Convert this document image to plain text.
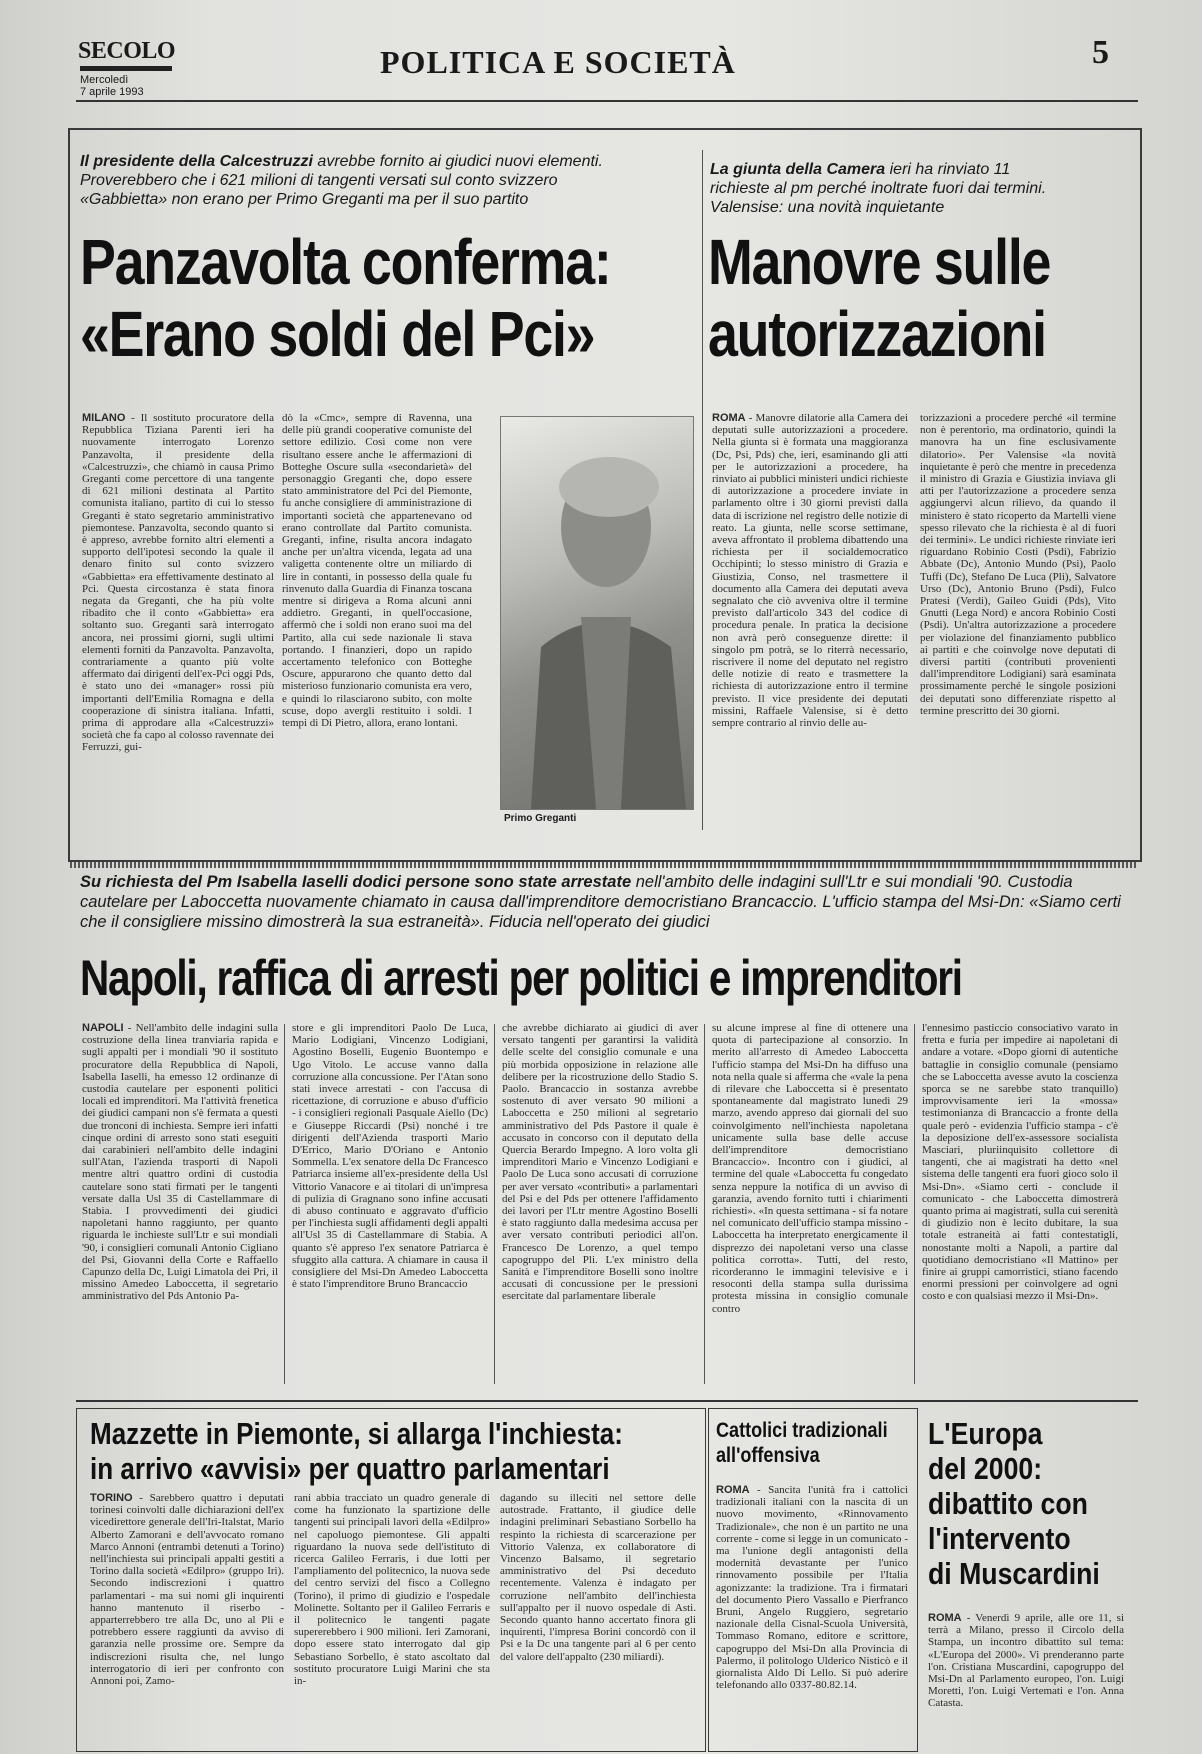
SECOLO
Mercoledì
7 aprile 1993
POLITICA E SOCIETÀ	5
Il presidente della Calcestruzzi avrebbe fornito ai giudici nuovi elementi. Proverebbero che i 621 milioni di tangenti versati sul conto svizzero «Gabbietta» non erano per Primo Greganti ma per il suo partito
Panzavolta conferma:
«Erano soldi del Pci»
MILANO - Il sostituto procuratore della Repubblica Tiziana Parenti ieri ha nuovamente interrogato Lorenzo Panzavolta, il presidente della «Calcestruzzi», che chiamò in causa Primo Greganti come percettore di una tangente di 621 milioni destinata al Partito comunista italiano, partito di cui lo stesso Greganti è stato segretario amministrativo piemontese. Panzavolta, secondo quanto si è appreso, avrebbe fornito altri elementi a supporto dell'ipotesi secondo la quale il denaro finito sul conto svizzero «Gabbietta» era effettivamente destinato al Pci. Questa circostanza è stata finora negata da Greganti, che ha più volte ribadito che il conto «Gabbietta» era soltanto suo. Greganti sarà interrogato ancora, nei prossimi giorni, sugli ultimi elementi forniti da Panzavolta. Panzavolta, contrariamente a quanto più volte affermato dai dirigenti dell'ex-Pci oggi Pds, è stato uno dei «manager» rossi più importanti dell'Emilia Romagna e della cooperazione di sinistra italiana. Infatti, prima di approdare alla «Calcestruzzi» società che fa capo al colosso ravennate dei Ferruzzi, gui-
dò la «Cmc», sempre di Ravenna, una delle più grandi cooperative comuniste del settore edilizio. Così come non vere risultano essere anche le affermazioni di Botteghe Oscure sulla «secondarietà» del personaggio Greganti che, dopo essere stato amministratore del Pci del Piemonte, fu anche consigliere di amministrazione di importanti società che appartenevano od erano controllate dal Partito comunista. Greganti, infine, risulta ancora indagato anche per un'altra vicenda, legata ad una valigetta contenente oltre un miliardo di lire in contanti, in possesso della quale fu rinvenuto dalla Guardia di Finanza toscana mentre si dirigeva a Roma alcuni anni addietro. Greganti, in quell'occasione, affermò che i soldi non erano suoi ma del Partito, alla cui sede nazionale li stava portando. I finanzieri, dopo un rapido accertamento telefonico con Botteghe Oscure, appurarono che quanto detto dal misterioso funzionario comunista era vero, e quindi lo rilasciarono subito, con molte scuse, dopo avergli restituito i soldi. I tempi di Di Pietro, allora, erano lontani.
Primo Greganti
La giunta della Camera ieri ha rinviato 11 richieste al pm perché inoltrate fuori dai termini. Valensise: una novità inquietante
Manovre sulle
autorizzazioni
ROMA - Manovre dilatorie alla Camera dei deputati sulle autorizzazioni a procedere. Nella giunta si è formata una maggioranza (Dc, Psi, Pds) che, ieri, esaminando gli atti per le autorizzazioni a procedere, ha rinviato ai pubblici ministeri undici richieste di autorizzazione a procedere inviate in parlamento oltre i 30 giorni previsti dalla data di iscrizione nel registro delle notizie di reato. La giunta, nelle scorse settimane, aveva affrontato il problema dibattendo una richiesta per il socialdemocratico Occhipinti; lo stesso ministro di Grazia e Giustizia, Conso, nel trasmettere il documento alla Camera dei deputati aveva segnalato che ciò avveniva oltre il termine previsto dall'articolo 343 del codice di procedura penale. In pratica la decisione non avrà però conseguenze dirette: il singolo pm potrà, se lo riterrà necessario, riscrivere il nome del deputato nel registro delle notizie di reato e trasmettere la richiesta di autorizzazione entro il termine previsto. Il vice presidente dei deputati missini, Raffaele Valensise, si è detto sempre contrario al rinvio delle au-
torizzazioni a procedere perché «il termine non è perentorio, ma ordinatorio, quindi la manovra ha un fine esclusivamente dilatorio». Per Valensise «la novità inquietante è però che mentre in precedenza il ministro di Grazia e Giustizia inviava gli atti per l'autorizzazione a procedere senza aggiungervi alcun rilievo, da quando il ministero è stato ricoperto da Martelli viene spesso rilevato che la richiesta è al di fuori dei termini». Le undici richieste rinviate ieri riguardano Robinio Costi (Psdi), Fabrizio Abbate (Dc), Antonio Mundo (Psi), Paolo Tuffi (Dc), Stefano De Luca (Pli), Salvatore Urso (Dc), Antonio Bruno (Psdi), Fulco Pratesi (Verdi), Gaileo Guidi (Pds), Vito Gnutti (Lega Nord) e ancora Robinio Costi (Psdi). Un'altra autorizzazione a procedere per violazione del finanziamento pubblico ai partiti e che coinvolge nove deputati di diversi partiti (contributi provenienti dall'imprenditore Lodigiani) sarà esaminata prossimamente perché le singole posizioni dei deputati sono differenziate rispetto al termine prescritto dei 30 giorni.
Su richiesta del Pm Isabella Iaselli dodici persone sono state arrestate nell'ambito delle indagini sull'Ltr e sui mondiali '90. Custodia cautelare per Laboccetta nuovamente chiamato in causa dall'imprenditore democristiano Brancaccio. L'ufficio stampa del Msi-Dn: «Siamo certi che il consigliere missino dimostrerà la sua estraneità». Fiducia nell'operato dei giudici
Napoli, raffica di arresti per politici e imprenditori
NAPOLI - Nell'ambito delle indagini sulla costruzione della linea tranviaria rapida e sugli appalti per i mondiali '90 il sostituto procuratore della Repubblica di Napoli, Isabella Iaselli, ha emesso 12 ordinanze di custodia cautelare per esponenti politici locali ed imprenditori. Ma l'attività frenetica dei giudici campani non s'è fermata a questi due tronconi di inchiesta. Sempre ieri infatti cinque ordini di arresto sono stati eseguiti dai carabinieri nell'ambito delle indagini sull'Atan, l'azienda trasporti di Napoli mentre altri quattro ordini di custodia cautelare sono stati firmati per le tangenti versate dalla Usl 35 di Castellammare di Stabia. I provvedimenti dei giudici napoletani hanno raggiunto, per quanto riguarda le inchieste sull'Ltr e sui mondiali '90, i consiglieri comunali Antonio Cigliano del Psi, Giovanni della Corte e Raffaello Capunzo della Dc, Luigi Limatola dei Pri, il missino Amedeo Laboccetta, il segretario amministrativo del Pds Antonio Pa-
store e gli imprenditori Paolo De Luca, Mario Lodigiani, Vincenzo Lodigiani, Agostino Boselli, Eugenio Buontempo e Ugo Vitolo. Le accuse vanno dalla corruzione alla concussione. Per l'Atan sono stati invece arrestati - con l'accusa di ricettazione, di corruzione e abuso d'ufficio - i consiglieri regionali Pasquale Aiello (Dc) e Giuseppe Riccardi (Psi) nonché i tre dirigenti dell'Azienda trasporti Mario D'Errico, Mario D'Oriano e Antonio Sommella. L'ex senatore della Dc Francesco Patriarca insieme all'ex-presidente della Usl Vittorio Vanacore e ai titolari di un'impresa di pulizia di Gragnano sono infine accusati di abuso continuato e aggravato d'ufficio per l'inchiesta sugli affidamenti degli appalti all'Usl 35 di Castellammare di Stabia. A quanto s'è appreso l'ex senatore Patriarca è sfuggito alla cattura. A chiamare in causa il consigliere del Msi-Dn Amedeo Laboccetta è stato l'imprenditore Bruno Brancaccio
che avrebbe dichiarato ai giudici di aver versato tangenti per garantirsi la validità delle scelte del consiglio comunale e una più morbida opposizione in relazione alle delibere per la ricostruzione dello Stadio S. Paolo. Brancaccio in sostanza avrebbe sostenuto di aver versato 90 milioni a Laboccetta e 250 milioni al segretario amministrativo del Pds Pastore il quale è accusato in concorso con il deputato della Quercia Berardo Impegno. A loro volta gli imprenditori Mario e Vincenzo Lodigiani e Paolo De Luca sono accusati di corruzione per aver versato «contributi» a parlamentari del Psi e del Pds per ottenere l'affidamento dei lavori per l'Ltr mentre Agostino Boselli è stato raggiunto dalla medesima accusa per aver versato contributi periodici all'on. Francesco De Lorenzo, a quel tempo capogruppo del Pli. L'ex ministro della Sanità e l'imprenditore Boselli sono inoltre accusati di concussione per le pressioni esercitate dal parlamentare liberale
su alcune imprese al fine di ottenere una quota di partecipazione al consorzio. In merito all'arresto di Amedeo Laboccetta l'ufficio stampa del Msi-Dn ha diffuso una nota nella quale si afferma che «vale la pena di rilevare che Laboccetta si è presentato spontaneamente dal magistrato lunedì 29 marzo, avendo appreso dai giornali del suo coinvolgimento nell'inchiesta napoletana unicamente sulla base delle accuse dell'imprenditore democristiano Brancaccio». Incontro con i giudici, al termine del quale «Laboccetta fu congedato senza neppure la notifica di un avviso di garanzia, avendo fornito tutti i chiarimenti richiesti». «In questa settimana - si fa notare nel comunicato dell'ufficio stampa missino - Laboccetta ha interpretato energicamente il disprezzo dei napoletani verso una classe politica corrotta». Tutti, del resto, ricorderanno le immagini televisive e i resoconti della stampa sulla durissima protesta missina in consiglio comunale contro
l'ennesimo pasticcio consociativo varato in fretta e furia per impedire ai napoletani di andare a votare. «Dopo giorni di autentiche battaglie in consiglio comunale (pensiamo che se Laboccetta avesse avuto la coscienza sporca se ne sarebbe stato tranquillo) improvvisamente ieri la «mossa» testimonianza di Brancaccio a fronte della quale però - evidenzia l'ufficio stampa - c'è la deposizione dell'ex-assessore socialista Masciari, pluriinquisito collettore di tangenti, che ai magistrati ha detto «nel sistema delle tangenti era fuori gioco solo il Msi-Dn». «Siamo certi - conclude il comunicato - che Laboccetta dimostrerà quanto prima ai magistrati, sulla cui serenità di giudizio non è lecito dubitare, la sua totale estraneità ai fatti contestatigli, nonostante molti a Napoli, a partire dal quotidiano democristiano «Il Mattino» per finire ai gruppi camorristici, stiano facendo enormi pressioni per coinvolgere ad ogni costo e con qualsiasi mezzo il Msi-Dn».
Mazzette in Piemonte, si allarga l'inchiesta:
in arrivo «avvisi» per quattro parlamentari
TORINO - Sarebbero quattro i deputati torinesi coinvolti dalle dichiarazioni dell'ex vicedirettore generale dell'Iri-Italstat, Mario Alberto Zamorani e dell'avvocato romano Marco Annoni (entrambi detenuti a Torino) nell'inchiesta sui principali appalti gestiti a Torino dalla società «Edilpro» (gruppo Iri). Secondo indiscrezioni i quattro parlamentari - ma sui nomi gli inquirenti hanno mantenuto il riserbo - apparterrebbero tre alla Dc, uno al Pli e potrebbero essere raggiunti da avviso di garanzia nelle prossime ore. Sempre da indiscrezioni risulta che, nel lungo interrogatorio di ieri per confronto con Annoni poi, Zamo-
rani abbia tracciato un quadro generale di come ha funzionato la spartizione delle tangenti sui principali lavori della «Edilpro» nel capoluogo piemontese. Gli appalti riguardano la nuova sede dell'istituto di ricerca Galileo Ferraris, i due lotti per l'ampliamento del politecnico, la nuova sede del centro servizi del fisco a Collegno (Torino), il primo di giudizio e l'ospedale Molinette. Soltanto per il Galileo Ferraris e il politecnico le tangenti pagate supererebbero i 900 milioni. Ieri Zamorani, dopo essere stato interrogato dal gip Sebastiano Sorbello, è stato ascoltato dal sostituto procuratore Luigi Marini che sta in-
dagando su illeciti nel settore delle autostrade. Frattanto, il giudice delle indagini preliminari Sebastiano Sorbello ha respinto la richiesta di scarcerazione per Vittorio Valenza, ex collaboratore di Vincenzo Balsamo, il segretario amministrativo del Psi deceduto recentemente. Valenza è indagato per corruzione nell'ambito dell'inchiesta sull'appalto per il nuovo ospedale di Asti. Secondo quanto hanno accertato finora gli inquirenti, l'impresa Borini concordò con il Psi e la Dc una tangente pari al 6 per cento del valore dell'appalto (230 miliardi).
Cattolici tradizionali
all'offensiva
ROMA - Sancita l'unità fra i cattolici tradizionali italiani con la nascita di un nuovo movimento, «Rinnovamento Tradizionale», che non è un partito ne una corrente - come si legge in un comunicato - ma l'unione degli antagonisti della modernità devastante per l'unico rinnovamento possibile per l'Italia agonizzante: la tradizione. Tra i firmatari del documento Piero Vassallo e Pierfranco Bruni, Angelo Ruggiero, segretario nazionale della Cisnal-Scuola Università, Tommaso Romano, editore e scrittore, capogruppo del Msi-Dn alla Provincia di Palermo, il politologo Ulderico Nisticò e il giornalista Aldo Di Lello. Si può aderire telefonando allo 0337-80.82.14.
L'Europa
del 2000:
dibattito con
l'intervento
di Muscardini
ROMA - Venerdì 9 aprile, alle ore 11, si terrà a Milano, presso il Circolo della Stampa, un incontro dibattito sul tema: «L'Europa del 2000». Vi prenderanno parte l'on. Cristiana Muscardini, capogruppo del Msi-Dn al Parlamento europeo, l'on. Luigi Moretti, l'on. Luigi Vertemati e l'on. Anna Catasta.
